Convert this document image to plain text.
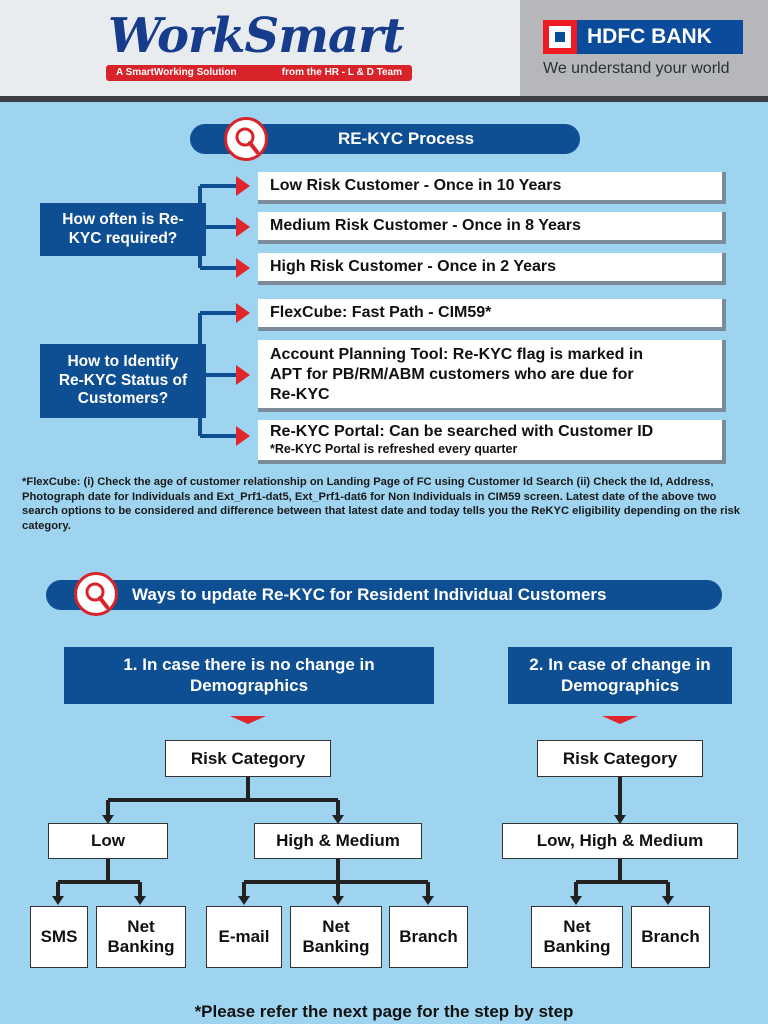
WorkSmart
A SmartWorking Solution	from the HR - L & D Team
HDFC BANK
We understand your world
RE-KYC Process
How often is Re-KYC required?
Low Risk Customer - Once in 10 Years
Medium Risk Customer - Once in 8 Years
High Risk Customer - Once in 2 Years
How to Identify Re-KYC Status of Customers?
FlexCube: Fast Path - CIM59*
Account Planning Tool: Re-KYC flag is marked in APT for PB/RM/ABM customers who are due for Re-KYC
Re-KYC Portal: Can be searched with Customer ID
*Re-KYC Portal is refreshed every quarter
*FlexCube: (i) Check the age of customer relationship on Landing Page of FC using Customer Id Search (ii) Check the Id, Address, Photograph date for Individuals and Ext_Prf1-dat5, Ext_Prf1-dat6 for Non Individuals in CIM59 screen. Latest date of the above two search options to be considered and difference between that latest date and today tells you the ReKYC eligibility depending on the risk category.
Ways to update Re-KYC for Resident Individual Customers
1. In case there is no change in Demographics
2. In case of change in Demographics
Risk Category
Low	High & Medium
SMS
Net Banking
E-mail
Net Banking
Branch
Risk Category
Low, High & Medium
Net Banking
Branch
*Please refer the next page for the step by step
